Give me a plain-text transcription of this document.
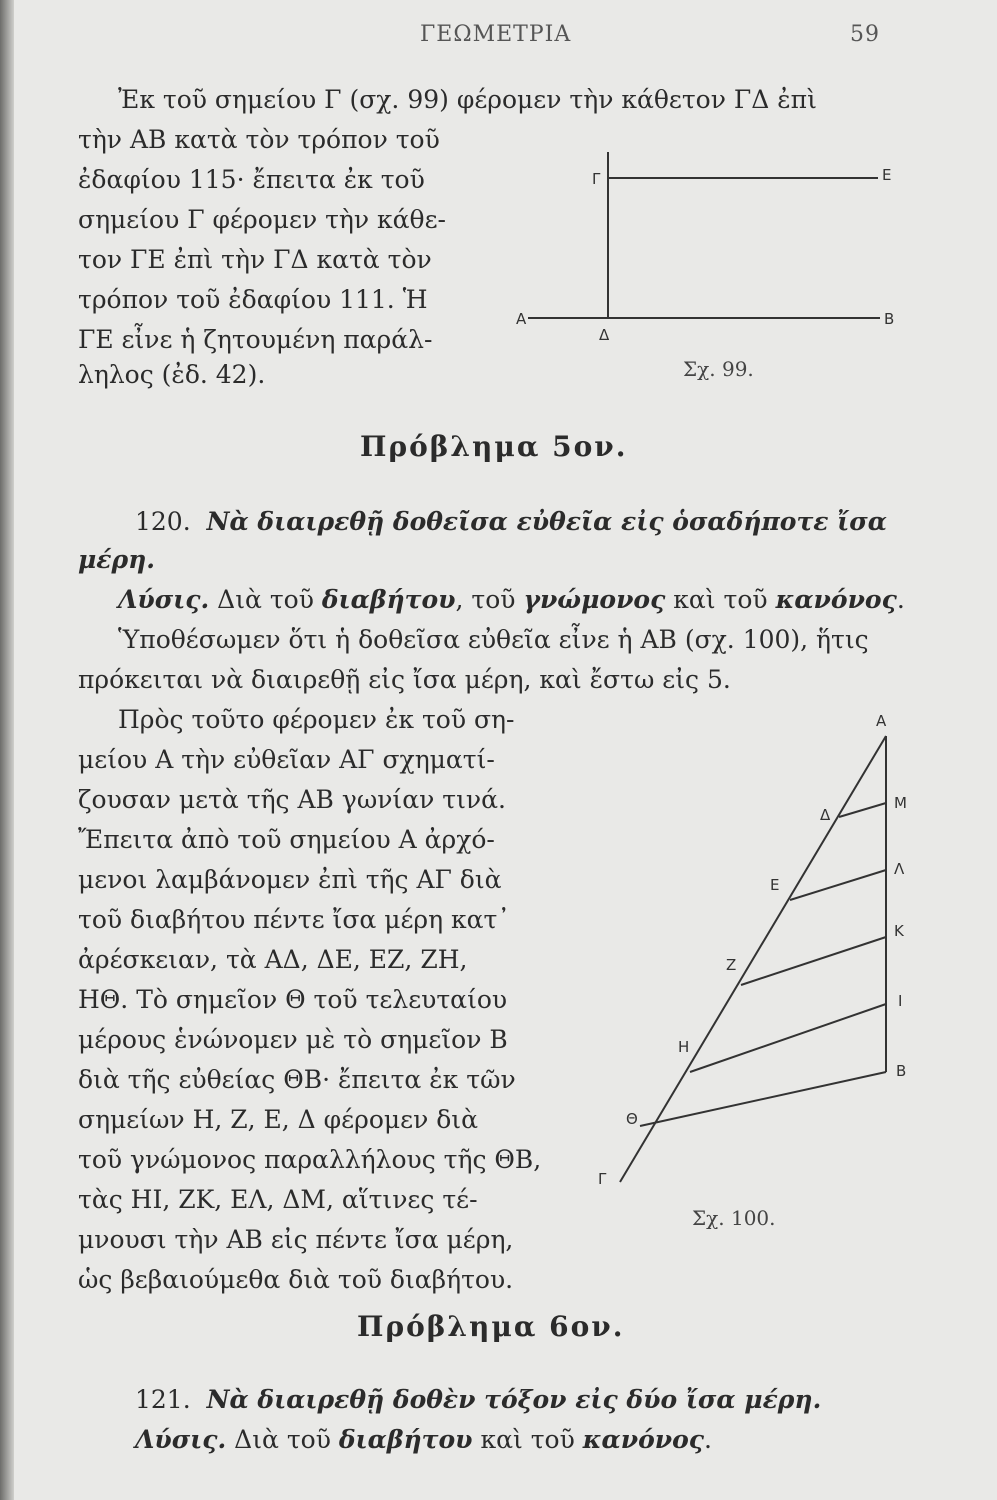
ΓΕΩΜΕΤΡΙΑ	59
Ἐκ τοῦ σημείου Γ (σχ. 99) φέρομεν τὴν κάθετον ΓΔ ἐπὶ
τὴν ΑΒ κατὰ τὸν τρόπον τοῦ
ἐδαφίου 115· ἔπειτα ἐκ τοῦ
σημείου Γ φέρομεν τὴν κάθε-
τον ΓΕ ἐπὶ τὴν ΓΔ κατὰ τὸν
τρόπον τοῦ ἐδαφίου 111. Ἡ
ΓΕ εἶνε ἡ ζητουμένη παράλ-
ληλος (ἐδ. 42).
Γ	Ε
Α
Δ
Β
Σχ. 99.
Πρόβλημα 5ον.
120. Νὰ διαιρεθῇ δοθεῖσα εὐθεῖα εἰς ὁσαδήποτε ἴσα
μέρη.
Λύσις. Διὰ τοῦ διαβήτου, τοῦ γνώμονος καὶ τοῦ κανόνος.
Ὑποθέσωμεν ὅτι ἡ δοθεῖσα εὐθεῖα εἶνε ἡ ΑΒ (σχ. 100), ἥτις
πρόκειται νὰ διαιρεθῇ εἰς ἴσα μέρη, καὶ ἔστω εἰς 5.
Πρὸς τοῦτο φέρομεν ἐκ τοῦ ση-
μείου Α τὴν εὐθεῖαν ΑΓ σχηματί-
ζουσαν μετὰ τῆς ΑΒ γωνίαν τινά.
Ἔπειτα ἀπὸ τοῦ σημείου Α ἀρχό-
μενοι λαμβάνομεν ἐπὶ τῆς ΑΓ διὰ
τοῦ διαβήτου πέντε ἴσα μέρη κατ᾽
ἀρέσκειαν, τὰ ΑΔ, ΔΕ, ΕΖ, ΖΗ,
ΗΘ. Τὸ σημεῖον Θ τοῦ τελευταίου
μέρους ἑνώνομεν μὲ τὸ σημεῖον Β
διὰ τῆς εὐθείας ΘΒ· ἔπειτα ἐκ τῶν
σημείων Η, Ζ, Ε, Δ φέρομεν διὰ
τοῦ γνώμονος παραλλήλους τῆς ΘΒ,
τὰς ΗΙ, ΖΚ, ΕΛ, ΔΜ, αἵτινες τέ-
μνουσι τὴν ΑΒ εἰς πέντε ἴσα μέρη,
ὡς βεβαιούμεθα διὰ τοῦ διαβήτου.
Α
Μ
Δ
Λ
Ε
Κ
Ζ
Ι
Η
Β
Θ
Γ
Σχ. 100.
Πρόβλημα 6ον.
121. Νὰ διαιρεθῇ δοθὲν τόξον εἰς δύο ἴσα μέρη.
Λύσις. Διὰ τοῦ διαβήτου καὶ τοῦ κανόνος.
